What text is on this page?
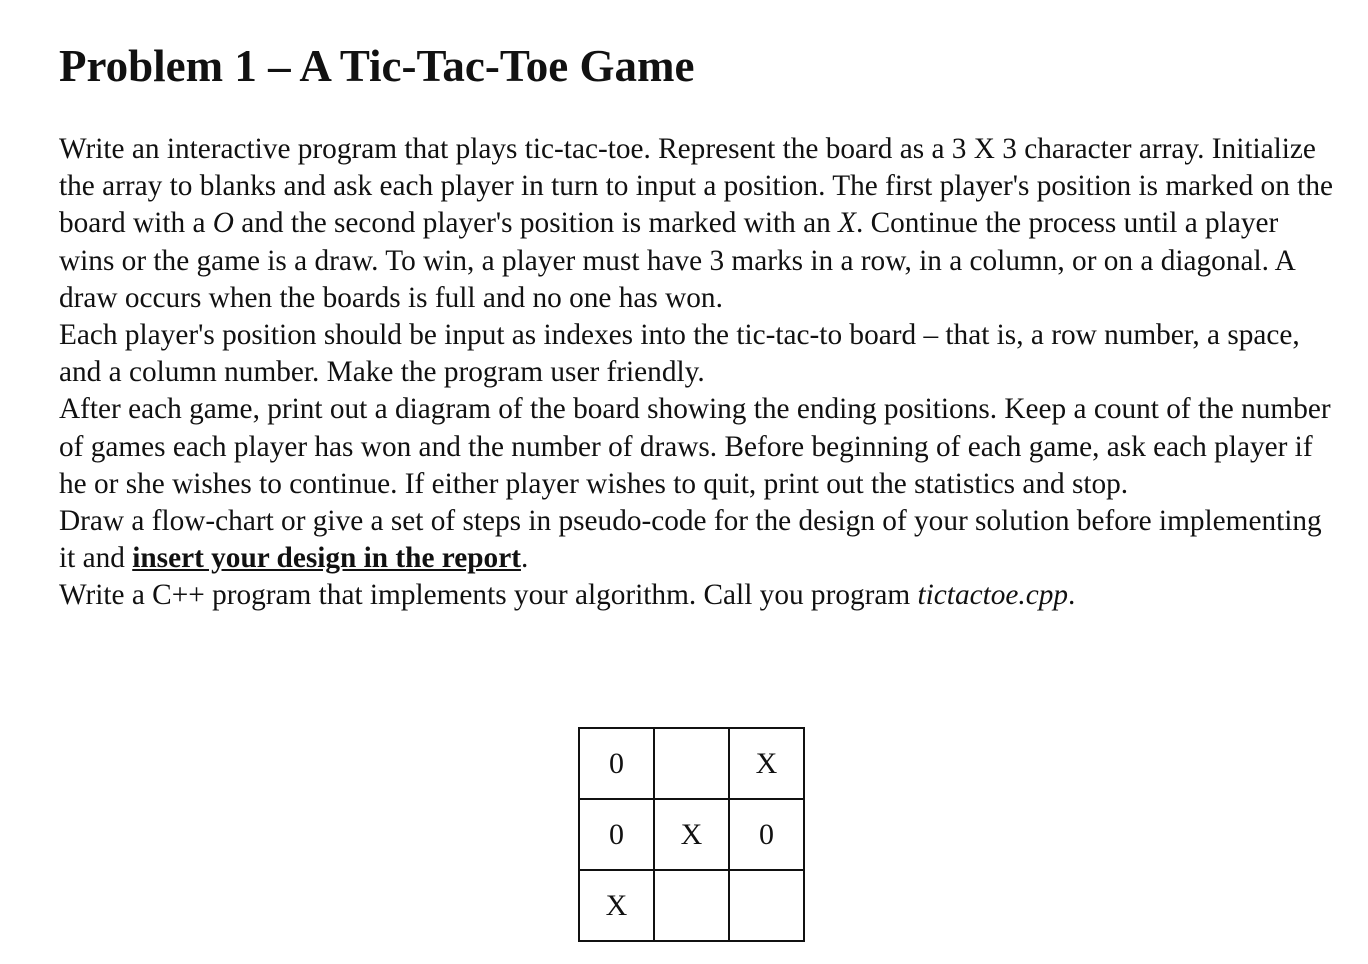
Problem 1 – A Tic-Tac-Toe Game

Write an interactive program that plays tic-tac-toe. Represent the board as a 3 X 3 character array. Initialize the array to blanks and ask each player in turn to input a position. The first player's position is marked on the board with a O and the second player's position is marked with an X. Continue the process until a player wins or the game is a draw. To win, a player must have 3 marks in a row, in a column, or on a diagonal. A draw occurs when the boards is full and no one has won.

Each player's position should be input as indexes into the tic-tac-to board – that is, a row number, a space, and a column number. Make the program user friendly.

After each game, print out a diagram of the board showing the ending positions. Keep a count of the number of games each player has won and the number of draws. Before beginning of each game, ask each player if he or she wishes to continue. If either player wishes to quit, print out the statistics and stop.

Draw a flow-chart or give a set of steps in pseudo-code for the design of your solution before implementing it and insert your design in the report.

Write a C++ program that implements your algorithm. Call you program tictactoe.cpp.

0		X
0	X	0
X		
